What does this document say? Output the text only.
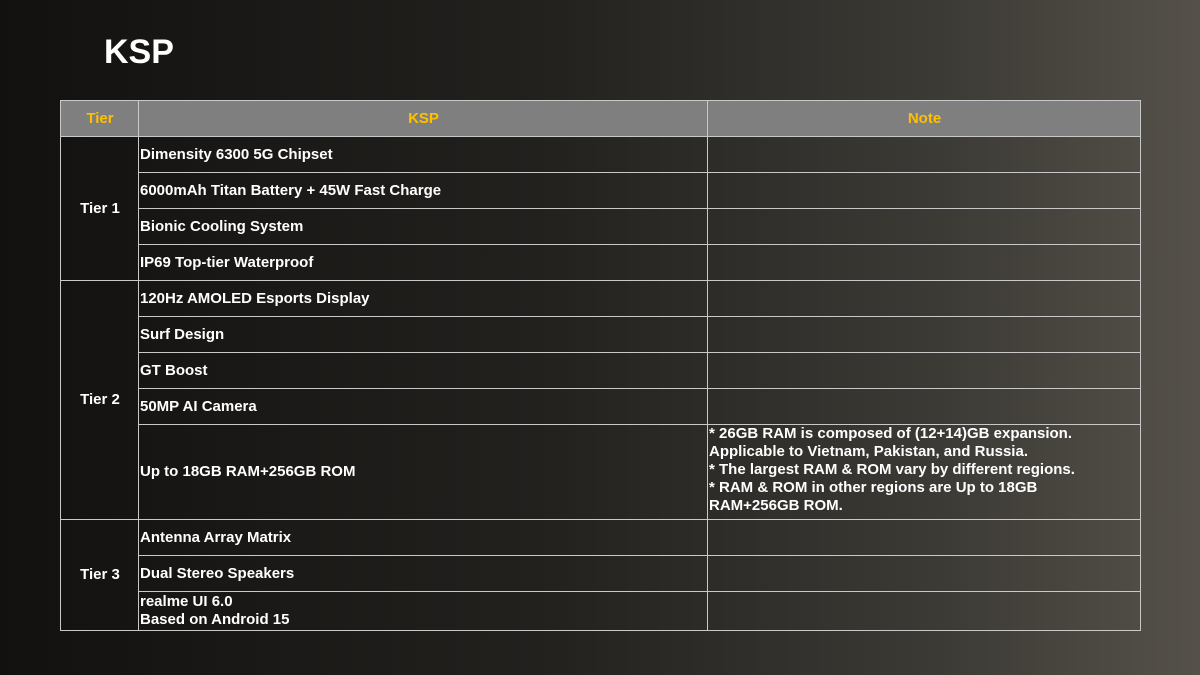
KSP
Tier	KSP	Note
Tier 1	Dimensity 6300 5G Chipset	
	6000mAh Titan Battery + 45W Fast Charge	
	Bionic Cooling System	
	IP69 Top-tier Waterproof	
Tier 2	120Hz AMOLED Esports Display	
	Surf Design	
	GT Boost	
	50MP AI Camera	
	Up to 18GB RAM+256GB ROM	* 26GB RAM is composed of (12+14)GB expansion.
Applicable to Vietnam, Pakistan, and Russia.
* The largest RAM & ROM vary by different regions.
* RAM & ROM in other regions are Up to 18GB
RAM+256GB ROM.

Tier 3	Antenna Array Matrix	
	Dual Stereo Speakers	

	realme UI 6.0
Based on Android 15	
